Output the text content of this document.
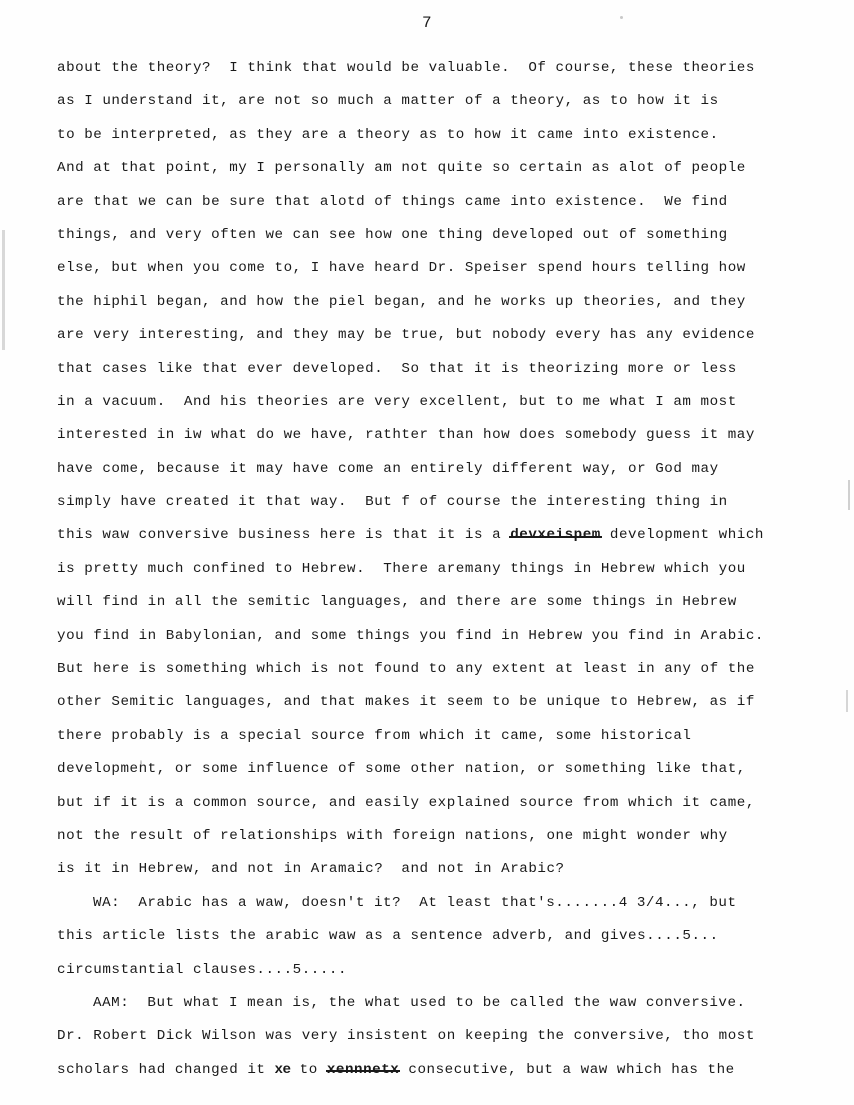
7
about the theory?  I think that would be valuable.  Of course, these theories
as I understand it, are not so much a matter of a theory, as to how it is
to be interpreted, as they are a theory as to how it came into existence.
And at that point, my I personally am not quite so certain as alot of people
are that we can be sure that alotd of things came into existence.  We find
things, and very often we can see how one thing developed out of something
else, but when you come to, I have heard Dr. Speiser spend hours telling how
the hiphil began, and how the piel began, and he works up theories, and they
are very interesting, and they may be true, but nobody every has any evidence
that cases like that ever developed.  So that it is theorizing more or less
in a vacuum.  And his theories are very excellent, but to me what I am most
interested in iw what do we have, rathter than how does somebody guess it may
have come, because it may have come an entirely different way, or God may
simply have created it that way.  But f of course the interesting thing in
this waw conversive business here is that it is a devxeispem development which
is pretty much confined to Hebrew.  There aremany things in Hebrew which you
will find in all the semitic languages, and there are some things in Hebrew
you find in Babylonian, and some things you find in Hebrew you find in Arabic.
But here is something which is not found to any extent at least in any of the
other Semitic languages, and that makes it seem to be unique to Hebrew, as if
there probably is a special source from which it came, some historical
development, or some influence of some other nation, or something like that,
but if it is a common source, and easily explained source from which it came,
not the result of relationships with foreign nations, one might wonder why
is it in Hebrew, and not in Aramaic?  and not in Arabic?
WA:  Arabic has a waw, doesn't it?  At least that's.......4 3/4..., but
this article lists the arabic waw as a sentence adverb, and gives....5...
circumstantial clauses....5.....
AAM:  But what I mean is, the what used to be called the waw conversive.
Dr. Robert Dick Wilson was very insistent on keeping the conversive, tho most
scholars had changed it xe to xennnetx consecutive, but a waw which has the
